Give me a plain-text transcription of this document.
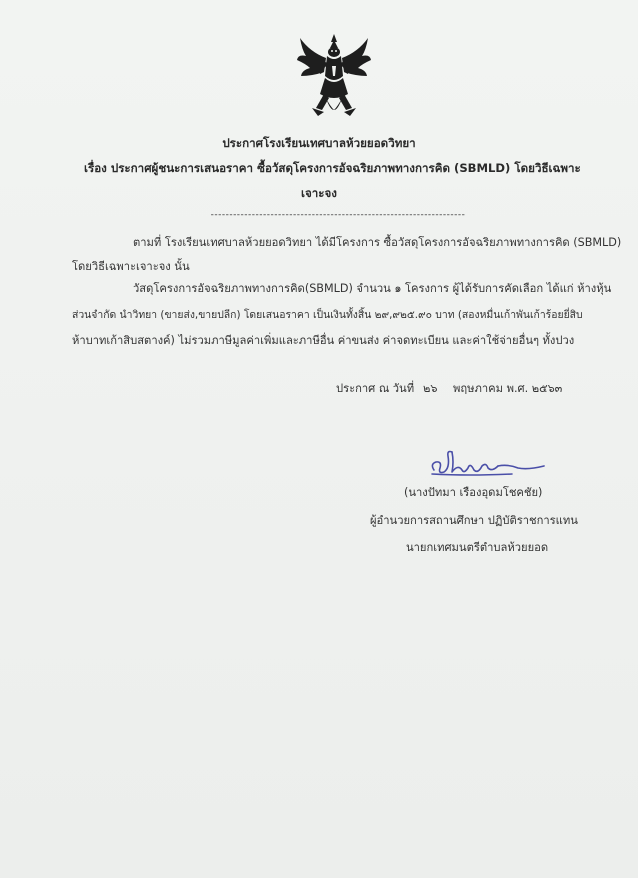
ประกาศโรงเรียนเทศบาลห้วยยอดวิทยา
เรื่อง ประกาศผู้ชนะการเสนอราคา ซื้อวัสดุโครงการอัจฉริยภาพทางการคิด (SBMLD) โดยวิธีเฉพาะ
เจาะจง
--------------------------------------------------------------------
ตามที่ โรงเรียนเทศบาลห้วยยอดวิทยา ได้มีโครงการ ซื้อวัสดุโครงการอัจฉริยภาพทางการคิด (SBMLD)
โดยวิธีเฉพาะเจาะจง นั้น
วัสดุโครงการอัจฉริยภาพทางการคิด(SBMLD) จำนวน ๑ โครงการ ผู้ได้รับการคัดเลือก ได้แก่ ห้างหุ้น
ส่วนจำกัด นำวิทยา (ขายส่ง,ขายปลีก) โดยเสนอราคา เป็นเงินทั้งสิ้น ๒๙,๙๒๕.๙๐ บาท (สองหมื่นเก้าพันเก้าร้อยยี่สิบ
ห้าบาทเก้าสิบสตางค์) ไม่รวมภาษีมูลค่าเพิ่มและภาษีอื่น ค่าขนส่ง ค่าจดทะเบียน และค่าใช้จ่ายอื่นๆ ทั้งปวง
ประกาศ ณ วันที่ ๒๖ พฤษภาคม พ.ศ. ๒๕๖๓
(นางปัทมา เรืองอุดมโชคชัย)
ผู้อำนวยการสถานศึกษา ปฏิบัติราชการแทน
นายกเทศมนตรีตำบลห้วยยอด
